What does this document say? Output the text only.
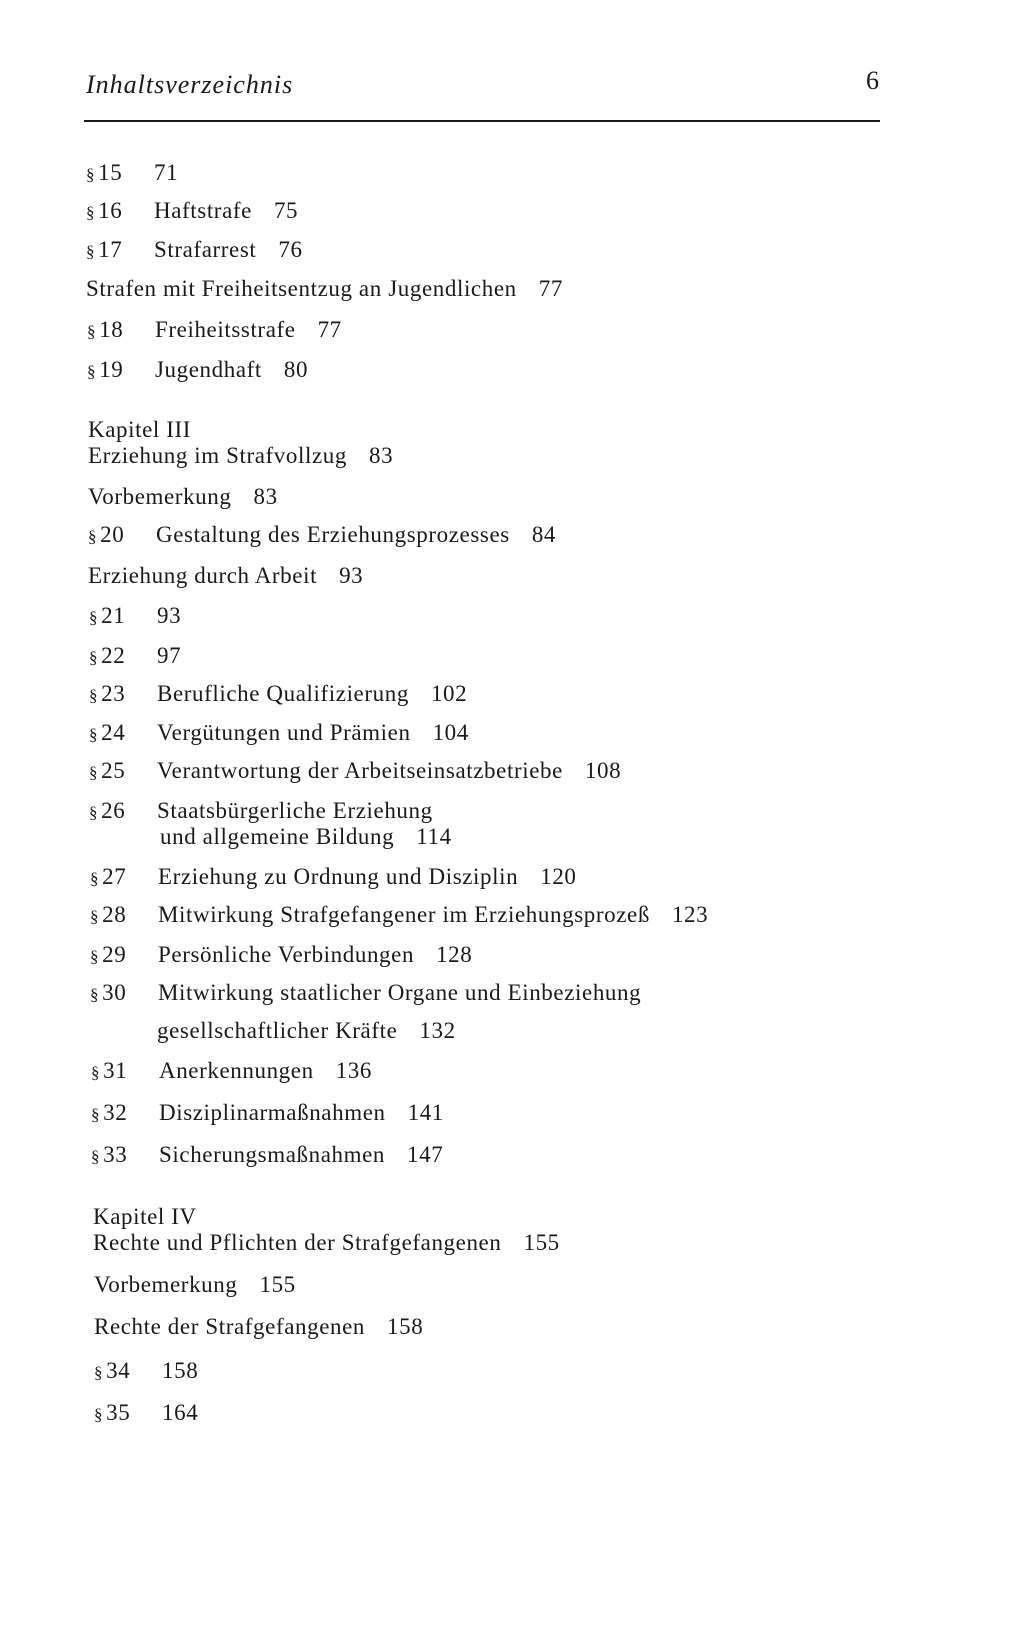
Inhaltsverzeichnis	6
§ 15 71
§ 16 Haftstrafe 75
§ 17 Strafarrest 76
Strafen mit Freiheitsentzug an Jugendlichen 77
§ 18 Freiheitsstrafe 77
§ 19 Jugendhaft 80
Kapitel III
Erziehung im Strafvollzug 83
Vorbemerkung 83
§ 20 Gestaltung des Erziehungsprozesses 84
Erziehung durch Arbeit 93
§ 21 93
§ 22 97
§ 23 Berufliche Qualifizierung 102
§ 24 Vergütungen und Prämien 104
§ 25 Verantwortung der Arbeitseinsatzbetriebe 108
§ 26 Staatsbürgerliche Erziehung
und allgemeine Bildung 114
§ 27 Erziehung zu Ordnung und Disziplin 120
§ 28 Mitwirkung Strafgefangener im Erziehungsprozeß 123
§ 29 Persönliche Verbindungen 128
§ 30 Mitwirkung staatlicher Organe und Einbeziehung
gesellschaftlicher Kräfte 132
§ 31 Anerkennungen 136
§ 32 Disziplinarmaßnahmen 141
§ 33 Sicherungsmaßnahmen 147
Kapitel IV
Rechte und Pflichten der Strafgefangenen 155
Vorbemerkung 155
Rechte der Strafgefangenen 158
§ 34 158
§ 35 164
